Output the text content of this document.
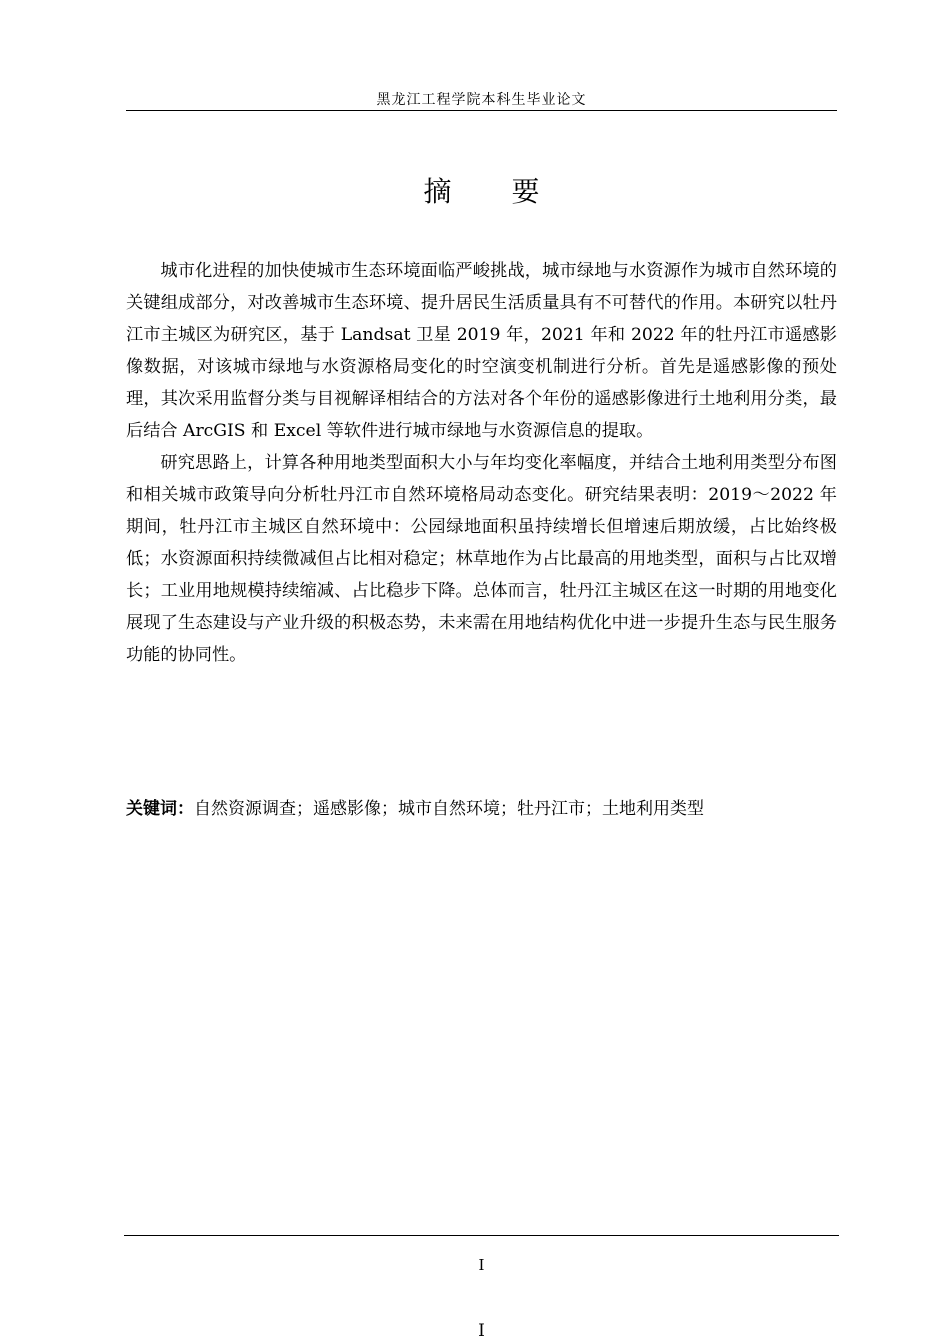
黑龙江工程学院本科生毕业论文
摘 要

城市化进程的加快使城市生态环境面临严峻挑战，城市绿地与水资源作为城市自然环境的关键组成部分，对改善城市生态环境、提升居民生活质量具有不可替代的作用。本研究以牡丹江市主城区为研究区，基于 Landsat 卫星 2019 年，2021 年和 2022 年的牡丹江市遥感影像数据，对该城市绿地与水资源格局变化的时空演变机制进行分析。首先是遥感影像的预处理，其次采用监督分类与目视解译相结合的方法对各个年份的遥感影像进行土地利用分类，最后结合 ArcGIS 和 Excel 等软件进行城市绿地与水资源信息的提取。

研究思路上，计算各种用地类型面积大小与年均变化率幅度，并结合土地利用类型分布图和相关城市政策导向分析牡丹江市自然环境格局动态变化。研究结果表明：2019～2022 年期间，牡丹江市主城区自然环境中：公园绿地面积虽持续增长但增速后期放缓，占比始终极低；水资源面积持续微减但占比相对稳定；林草地作为占比最高的用地类型，面积与占比双增长；工业用地规模持续缩减、占比稳步下降。总体而言，牡丹江主城区在这一时期的用地变化展现了生态建设与产业升级的积极态势，未来需在用地结构优化中进一步提升生态与民生服务功能的协同性。

关键词：自然资源调查；遥感影像；城市自然环境；牡丹江市；土地利用类型
I
I
